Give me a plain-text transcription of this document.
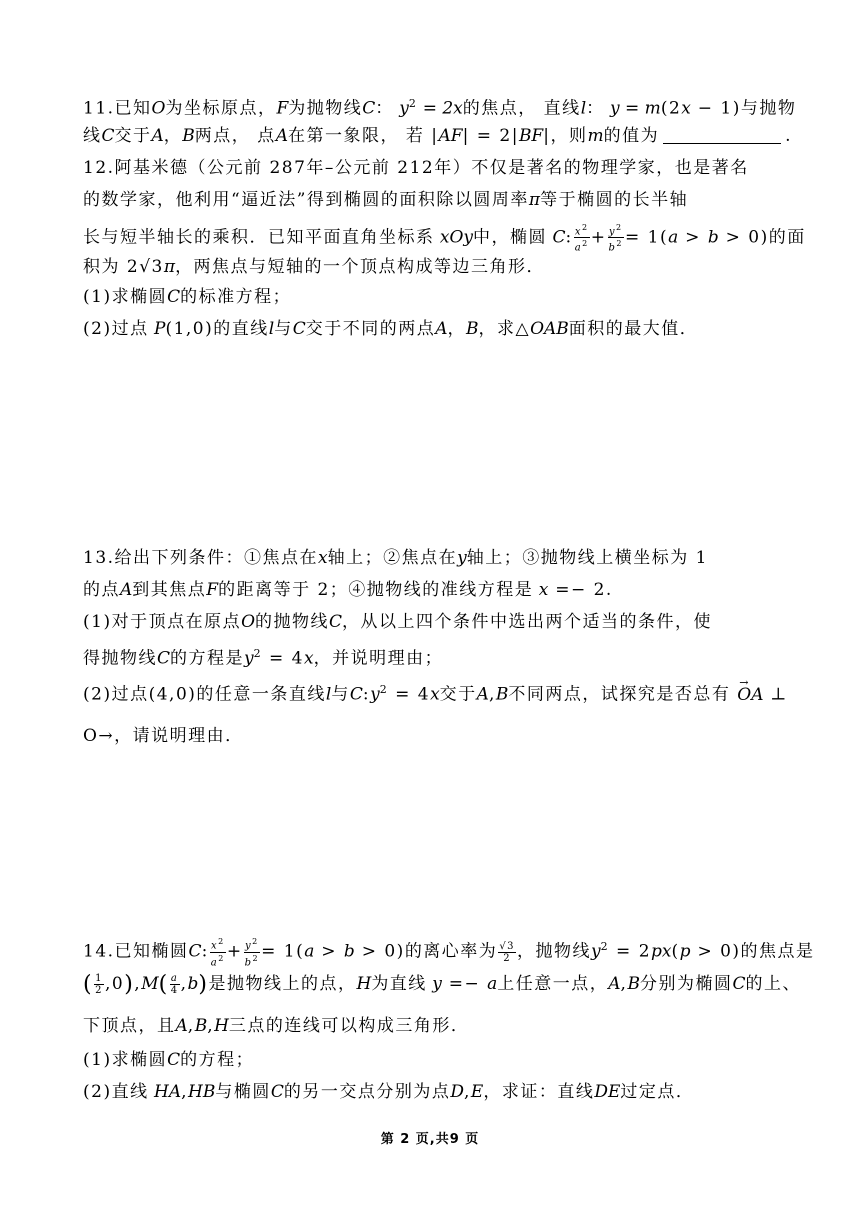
11.已知O为坐标原点，F为抛物线C： $y^2 = 2x$的焦点， 直线l： y = m(2x − 1)与抛物
线C交于A，B两点， 点A在第一象限， 若 |AF| = 2|BF|，则m的值为	.
12.阿基米德（公元前 287年–公元前 212年）不仅是著名的物理学家，也是著名
的数学家，他利用“逼近法”得到椭圆的面积除以圆周率π等于椭圆的长半轴
长与短半轴长的乘积．已知平面直角坐标系 xOy中，椭圆 C: $\frac{x^2}{a^2} + \frac{y^2}{b^2} = 1(a > b > 0)$的面
积为 2√3π，两焦点与短轴的一个顶点构成等边三角形．
(1)求椭圆C的标准方程；
(2)过点 P(1,0)的直线l与C交于不同的两点A，B，求△OAB面积的最大值．
13.给出下列条件：①焦点在x轴上；②焦点在y轴上；③抛物线上横坐标为 1
的点A到其焦点F的距离等于 2；④抛物线的准线方程是 x =− 2.
(1)对于顶点在原点O的抛物线C，从以上四个条件中选出两个适当的条件，使
得抛物线C的方程是$y^2 = 4x$，并说明理由；
(2)过点(4,0)的任意一条直线l与$C:y^2 = 4x$交于A,B不同两点，试探究是否总有 → OA ⊥
O→，请说明理由．
14.已知椭圆C: $\frac{x^2}{a^2} + \frac{y^2}{b^2} = 1(a > b > 0)$的离心率为 $\frac{√3}{2}$ ，抛物线$y^2 = 2px(p > 0)$的焦点是
( $\frac{1}{2} ,0),M( \frac{a}{4} ,b)$是抛物线上的点，H为直线 y =− a上任意一点，A,B分别为椭圆C的上、
下顶点，且A,B,H三点的连线可以构成三角形．
(1)求椭圆C的方程；
(2)直线 HA,HB与椭圆C的另一交点分别为点D,E，求证：直线DE过定点．
第 2 页,共9 页
